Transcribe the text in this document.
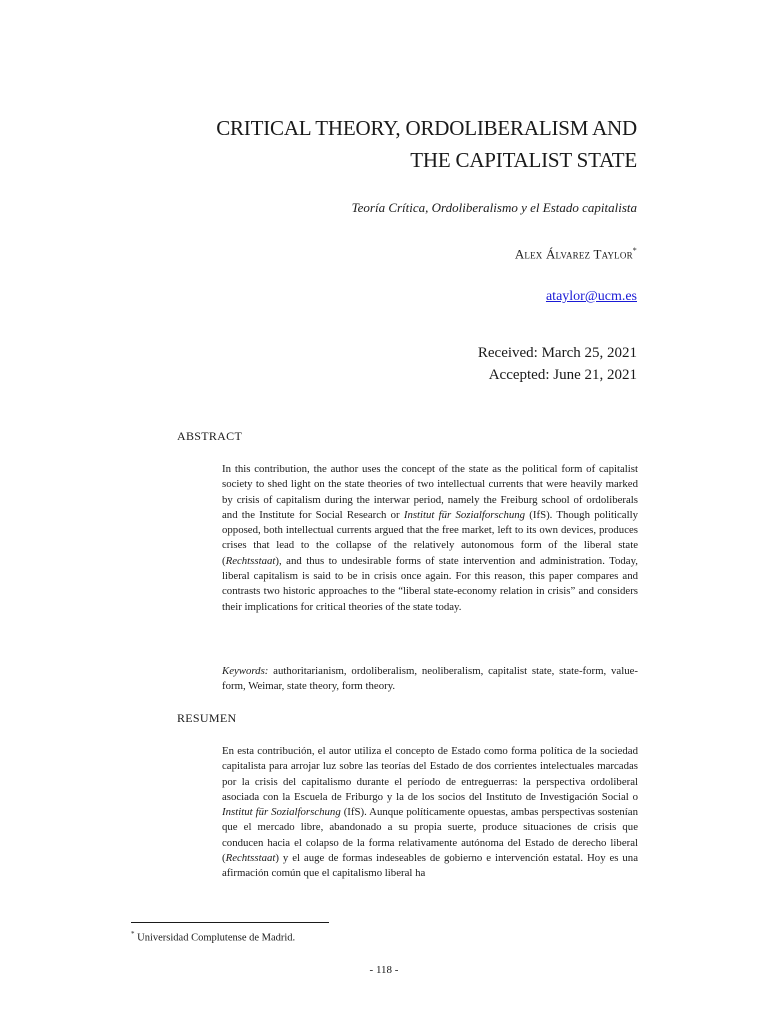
CRITICAL THEORY, ORDOLIBERALISM AND
THE CAPITALIST STATE
Teoría Crítica, Ordoliberalismo y el Estado capitalista
Alex Álvarez Taylor*
ataylor@ucm.es
Received: March 25, 2021
Accepted: June 21, 2021
ABSTRACT

In this contribution, the author uses the concept of the state as the political form of capitalist society to shed light on the state theories of two intellectual currents that were heavily marked by crisis of capitalism during the interwar period, namely the Freiburg school of ordoliberals and the Institute for Social Research or Institut für Sozialforschung (IfS). Though politically opposed, both intellectual currents argued that the free market, left to its own devices, produces crises that lead to the collapse of the relatively autonomous form of the liberal state (Rechtsstaat), and thus to undesirable forms of state intervention and administration. Today, liberal capitalism is said to be in crisis once again. For this reason, this paper compares and contrasts two historic approaches to the “liberal state-economy relation in crisis” and considers their implications for critical theories of the state today.

Keywords: authoritarianism, ordoliberalism, neoliberalism, capitalist state, state-form, value-form, Weimar, state theory, form theory.

RESUMEN

En esta contribución, el autor utiliza el concepto de Estado como forma política de la sociedad capitalista para arrojar luz sobre las teorías del Estado de dos corrientes intelectuales marcadas por la crisis del capitalismo durante el período de entreguerras: la perspectiva ordoliberal asociada con la Escuela de Friburgo y la de los socios del Instituto de Investigación Social o Institut für Sozialforschung (IfS). Aunque políticamente opuestas, ambas perspectivas sostenían que el mercado libre, abandonado a su propia suerte, produce situaciones de crisis que conducen hacia el colapso de la forma relativamente autónoma del Estado de derecho liberal (Rechtsstaat) y el auge de formas indeseables de gobierno e intervención estatal. Hoy es una afirmación común que el capitalismo liberal ha

* Universidad Complutense de Madrid.
- 118 -
